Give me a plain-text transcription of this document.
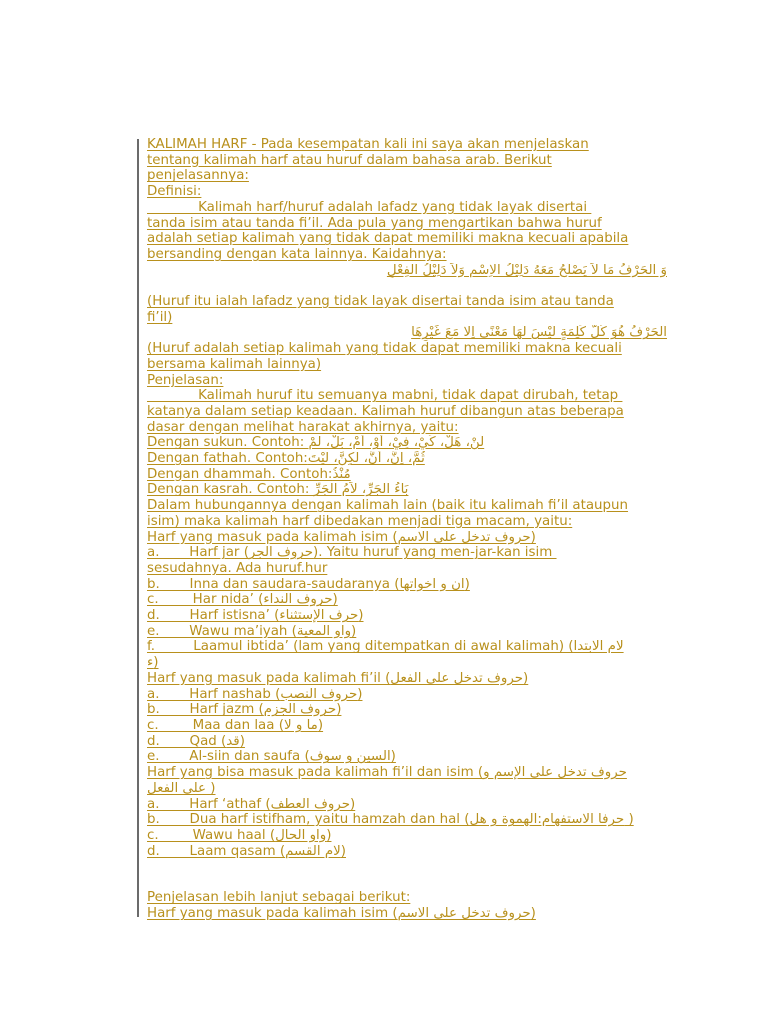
KALIMAH HARF - Pada kesempatan kali ini saya akan menjelaskan
tentang kalimah harf atau huruf dalam bahasa arab. Berikut
penjelasannya:
Definisi:
Kalimah harf/huruf adalah lafadz yang tidak layak disertai
tanda isim atau tanda fi’il. Ada pula yang mengartikan bahwa huruf
adalah setiap kalimah yang tidak dapat memiliki makna kecuali apabila
bersanding dengan kata lainnya. Kaidahnya:
وَ الْحَرْفُ مَا لاَ يَصْلُحُ مَعَهُ دَلِيْلُ الاِسْمِ وَلاَ دَلِيْلُ الفِعْلِ
(Huruf itu ialah lafadz yang tidak layak disertai tanda isim atau tanda
fi’il)
اَلْحَرْفُ هُوَ كُلُّ كَلِمَةٍ لَيْسَ لَهَا مَعْنًى اِلَّا مَعَ غَيْرِهَا
(Huruf adalah setiap kalimah yang tidak dapat memiliki makna kecuali
bersama kalimah lainnya)
Penjelasan:
Kalimah huruf itu semuanya mabni, tidak dapat dirubah, tetap
katanya dalam setiap keadaan. Kalimah huruf dibangun atas beberapa
dasar dengan melihat harakat akhirnya, yaitu:
Dengan sukun. Contoh: لَنْ، هَلْ، كَيْ، فِيْ، أَوْ، أَمْ، بَلْ، لَمْ
Dengan fathah. Contoh:ثُمَّ، اِنَّ، أَنَّ، لَكِنَّ، لَيْتَ
Dengan dhammah. Contoh:مُنْذُ
Dengan kasrah. Contoh: بَاءُ الجَرِّ، لاَمُ الجَرِّ
Dalam hubungannya dengan kalimah lain (baik itu kalimah fi’il ataupun
isim) maka kalimah harf dibedakan menjadi tiga macam, yaitu:
Harf yang masuk pada kalimah isim (حروف تدخل على الاسم)
a.       Harf jar (حروف الجر). Yaitu huruf yang men-jar-kan isim
sesudahnya. Ada huruf.hur
b.       Inna dan saudara-saudaranya (ان و اخواتها)
c.        Har nida’ (حروف النداء)
d.       Harf istisna’ (حرف الإستثناء)
e.       Wawu ma’iyah (واو المعية)
f.         Laamul ibtida’ (lam yang ditempatkan di awal kalimah) (لام الابتدا
ء)
Harf yang masuk pada kalimah fi’il (حروف تدخل على الفعل)
a.       Harf nashab (حروف النصب)
b.       Harf jazm (حروف الجزم)
c.        Maa dan laa (ما و لا)
d.       Qad (قد)
e.       Al-siin dan saufa (السين و سوف)
Harf yang bisa masuk pada kalimah fi’il dan isim (حروف تدخل على الإسم و
على الفعل )
a.       Harf ‘athaf (حروف العطف)
b.       Dua harf istifham, yaitu hamzah dan hal (حرفا الاستفهام:الهموة و هل )
c.        Wawu haal (واو الحال)
d.       Laam qasam (لام القسم)
Penjelasan lebih lanjut sebagai berikut:
Harf yang masuk pada kalimah isim (حروف تدخل على الاسم)
